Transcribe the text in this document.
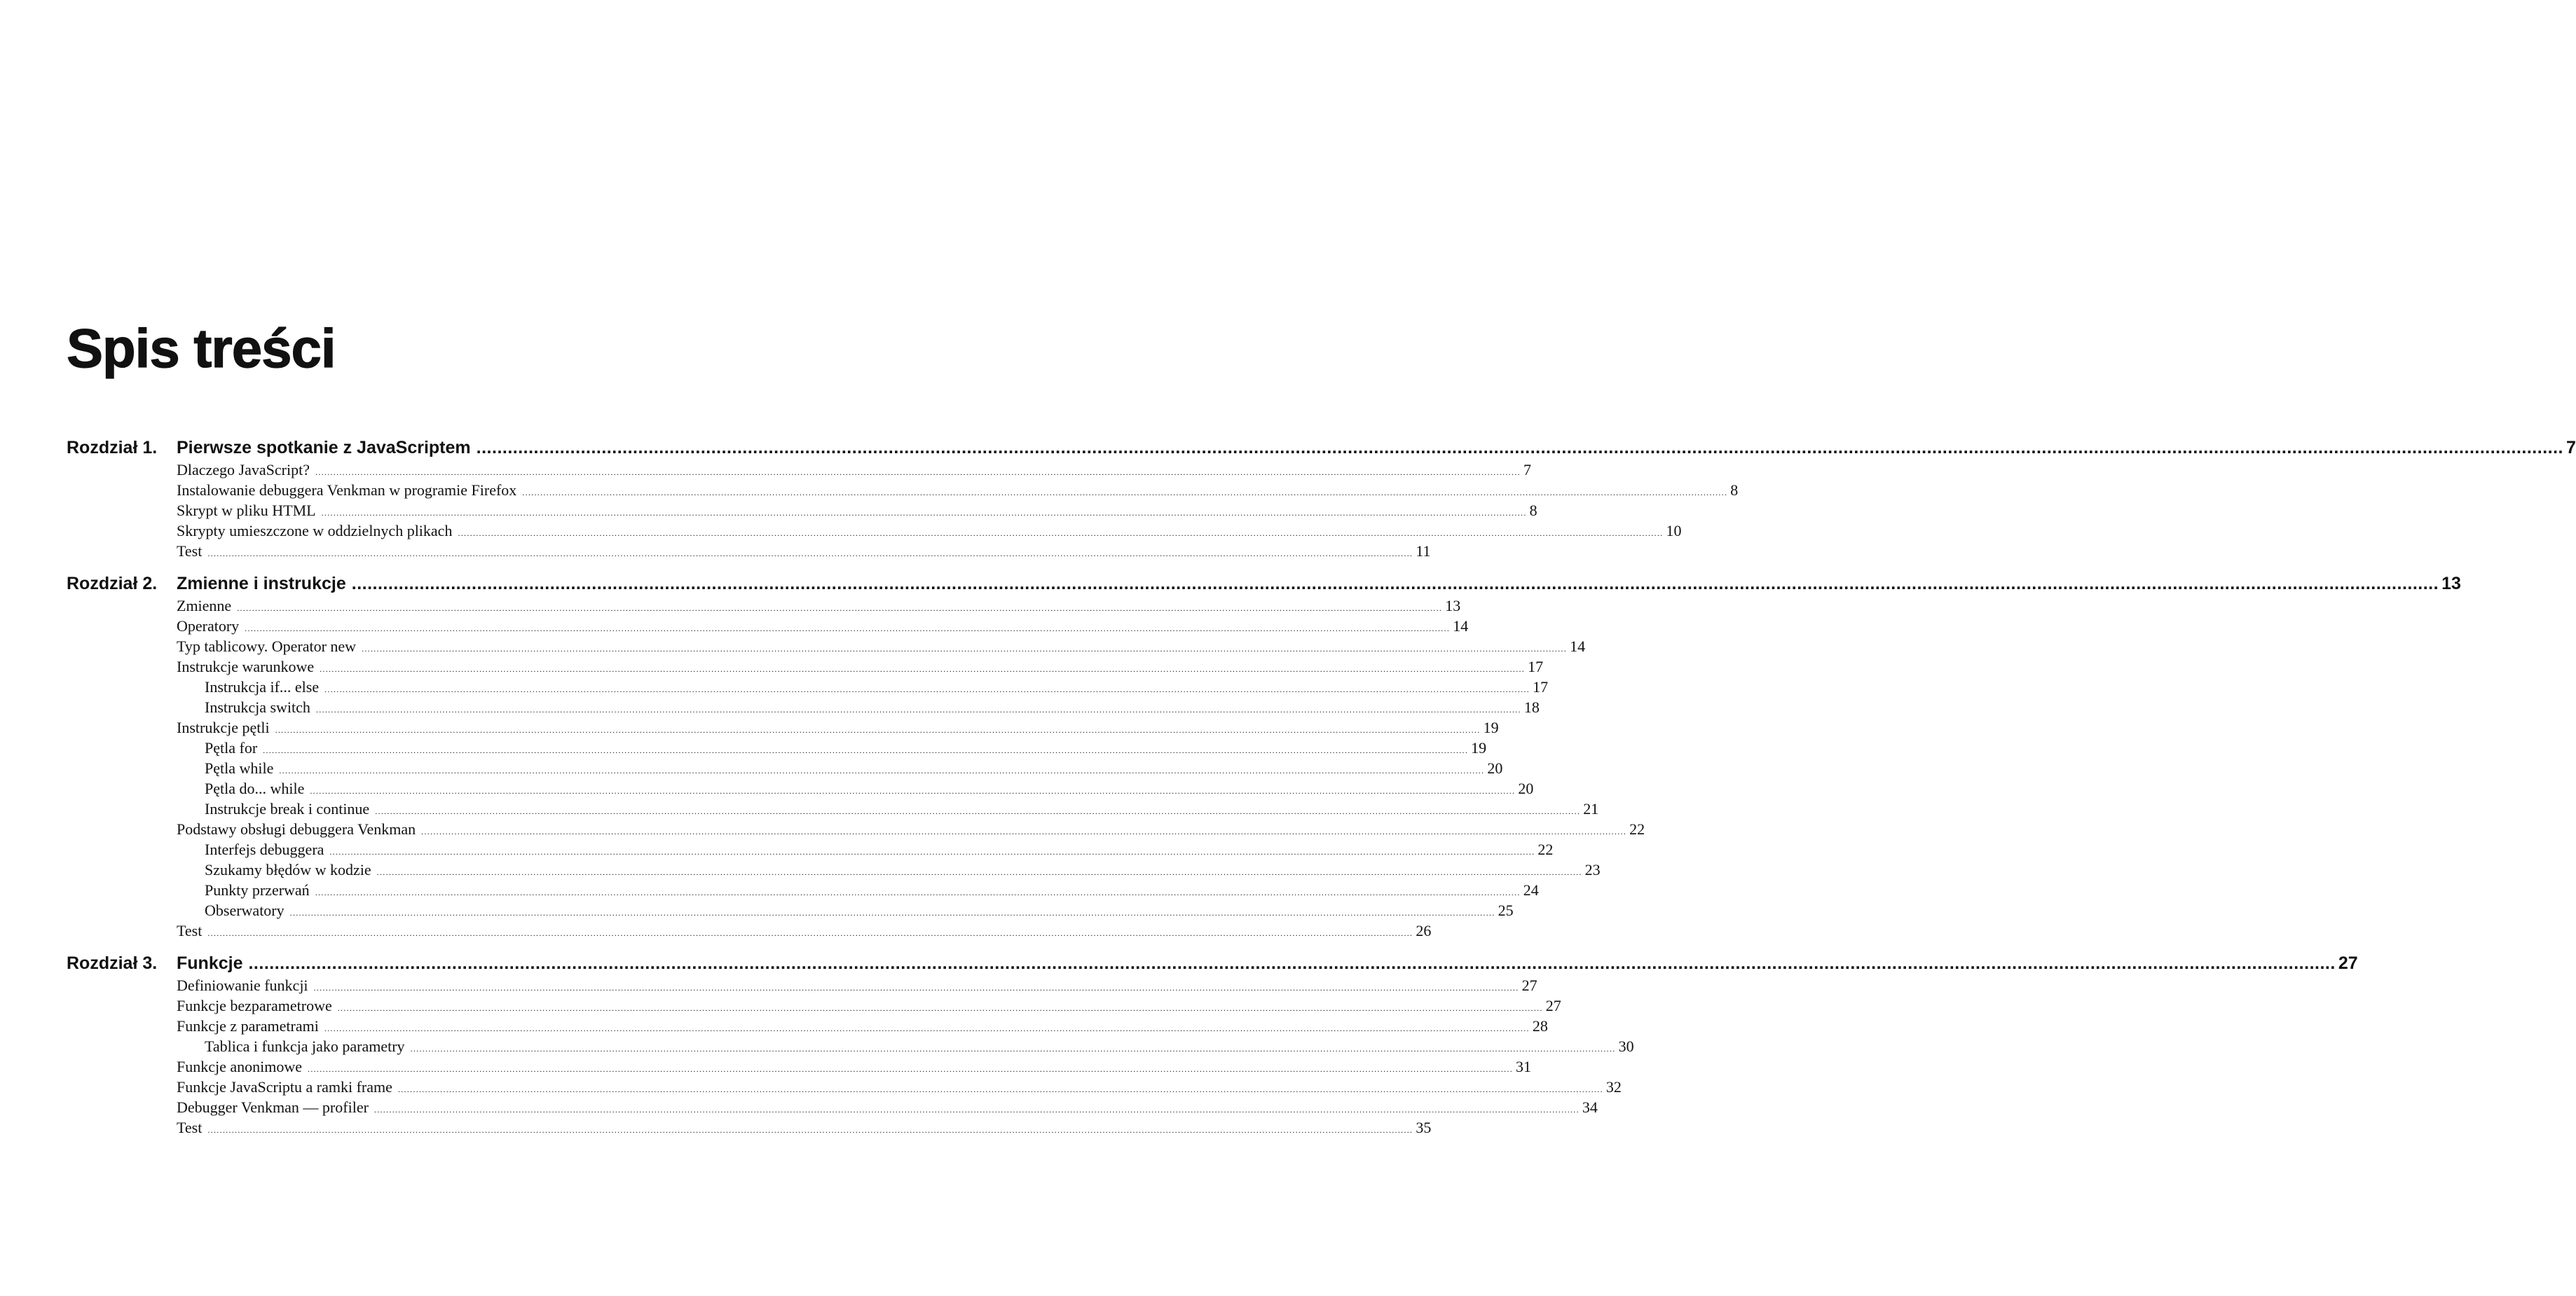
Spis treści
Rozdział 1. Pierwsze spotkanie z JavaScriptem ................................................................................................................................................................................................................................................................................................................................................................................................................ 7
Dlaczego JavaScript? ................................................................................................................................................................................................................................................................................................................................................................................................................ 7
Instalowanie debuggera Venkman w programie Firefox ................................................................................................................................................................................................................................................................................................................................................................................................................ 8
Skrypt w pliku HTML ................................................................................................................................................................................................................................................................................................................................................................................................................ 8
Skrypty umieszczone w oddzielnych plikach ................................................................................................................................................................................................................................................................................................................................................................................................................ 10
Test ................................................................................................................................................................................................................................................................................................................................................................................................................ 11
Rozdział 2. Zmienne i instrukcje ................................................................................................................................................................................................................................................................................................................................................................................................................ 13
Zmienne ................................................................................................................................................................................................................................................................................................................................................................................................................ 13
Operatory ................................................................................................................................................................................................................................................................................................................................................................................................................ 14
Typ tablicowy. Operator new ................................................................................................................................................................................................................................................................................................................................................................................................................ 14
Instrukcje warunkowe ................................................................................................................................................................................................................................................................................................................................................................................................................ 17
Instrukcja if... else ................................................................................................................................................................................................................................................................................................................................................................................................................ 17
Instrukcja switch ................................................................................................................................................................................................................................................................................................................................................................................................................ 18
Instrukcje pętli ................................................................................................................................................................................................................................................................................................................................................................................................................ 19
Pętla for ................................................................................................................................................................................................................................................................................................................................................................................................................ 19
Pętla while ................................................................................................................................................................................................................................................................................................................................................................................................................ 20
Pętla do... while ................................................................................................................................................................................................................................................................................................................................................................................................................ 20
Instrukcje break i continue ................................................................................................................................................................................................................................................................................................................................................................................................................ 21
Podstawy obsługi debuggera Venkman ................................................................................................................................................................................................................................................................................................................................................................................................................ 22
Interfejs debuggera ................................................................................................................................................................................................................................................................................................................................................................................................................ 22
Szukamy błędów w kodzie ................................................................................................................................................................................................................................................................................................................................................................................................................ 23
Punkty przerwań ................................................................................................................................................................................................................................................................................................................................................................................................................ 24
Obserwatory ................................................................................................................................................................................................................................................................................................................................................................................................................ 25
Test ................................................................................................................................................................................................................................................................................................................................................................................................................ 26
Rozdział 3. Funkcje ................................................................................................................................................................................................................................................................................................................................................................................................................ 27
Definiowanie funkcji ................................................................................................................................................................................................................................................................................................................................................................................................................ 27
Funkcje bezparametrowe ................................................................................................................................................................................................................................................................................................................................................................................................................ 27
Funkcje z parametrami ................................................................................................................................................................................................................................................................................................................................................................................................................ 28
Tablica i funkcja jako parametry ................................................................................................................................................................................................................................................................................................................................................................................................................ 30
Funkcje anonimowe ................................................................................................................................................................................................................................................................................................................................................................................................................ 31
Funkcje JavaScriptu a ramki frame ................................................................................................................................................................................................................................................................................................................................................................................................................ 32
Debugger Venkman — profiler ................................................................................................................................................................................................................................................................................................................................................................................................................ 34
Test ................................................................................................................................................................................................................................................................................................................................................................................................................ 35
